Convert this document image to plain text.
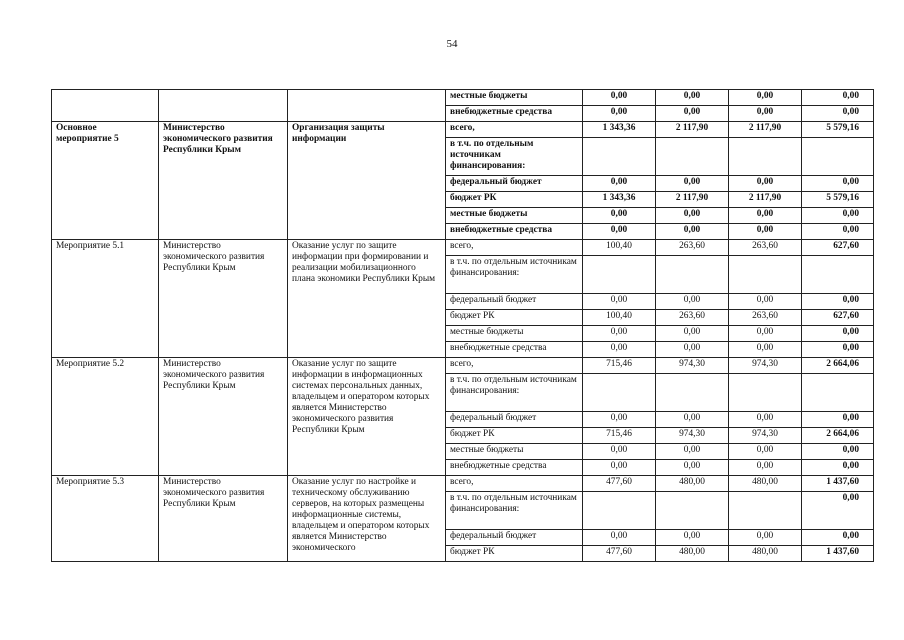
54
			местные бюджеты	0,00	0,00	0,00	0,00
			внебюджетные средства	0,00	0,00	0,00	0,00
Основное мероприятие 5	Министерство экономического развития Республики Крым	Организация защиты информации	всего,	1 343,36	2 117,90	2 117,90	5 579,16
			в т.ч. по отдельным источникам финансирования:				
			федеральный бюджет	0,00	0,00	0,00	0,00
			бюджет РК	1 343,36	2 117,90	2 117,90	5 579,16
			местные бюджеты	0,00	0,00	0,00	0,00
			внебюджетные средства	0,00	0,00	0,00	0,00
Мероприятие 5.1	Министерство экономического развития Республики Крым	Оказание услуг по защите информации при формировании и реализации мобилизационного плана экономики Республики Крым	всего,	100,40	263,60	263,60	627,60
			в т.ч. по отдельным источникам финансирования:				
			федеральный бюджет	0,00	0,00	0,00	0,00
			бюджет РК	100,40	263,60	263,60	627,60
			местные бюджеты	0,00	0,00	0,00	0,00
			внебюджетные средства	0,00	0,00	0,00	0,00
Мероприятие 5.2	Министерство экономического развития Республики Крым	Оказание услуг по защите информации в информационных системах персональных данных, владельцем и оператором которых является Министерство экономического развития Республики Крым	всего,	715,46	974,30	974,30	2 664,06
			в т.ч. по отдельным источникам финансирования:				
			федеральный бюджет	0,00	0,00	0,00	0,00
			бюджет РК	715,46	974,30	974,30	2 664,06
			местные бюджеты	0,00	0,00	0,00	0,00
			внебюджетные средства	0,00	0,00	0,00	0,00
Мероприятие 5.3	Министерство экономического развития Республики Крым	Оказание услуг по настройке и техническому обслуживанию серверов, на которых размещены информационные системы, владельцем и оператором которых является Министерство экономического	всего,	477,60	480,00	480,00	1 437,60
			в т.ч. по отдельным источникам финансирования:				0,00
			федеральный бюджет	0,00	0,00	0,00	0,00
			бюджет РК	477,60	480,00	480,00	1 437,60
